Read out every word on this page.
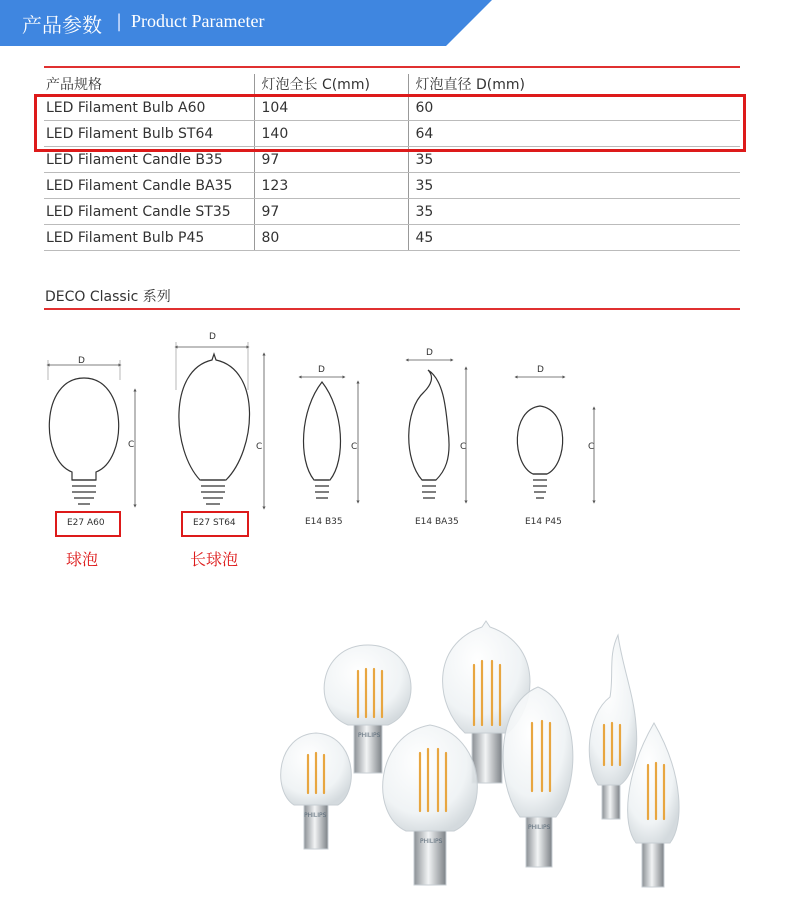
产品参数 | Product Parameter
产品规格	灯泡全长 C(mm)	灯泡直径 D(mm)
LED Filament Bulb A60	104	60
LED Filament Bulb ST64	140	64
LED Filament Candle B35	97	35
LED Filament Candle BA35	123	35
LED Filament Candle ST35	97	35
LED Filament Bulb P45	80	45
DECO Classic 系列
D
C
D
C
D
C
D
C
D
C
E27 A60	E27 ST64	E14 B35	E14 BA35	E14 P45
球泡	长球泡
PHILIPS
PHILIPS
PHILIPS
PHILIPS
